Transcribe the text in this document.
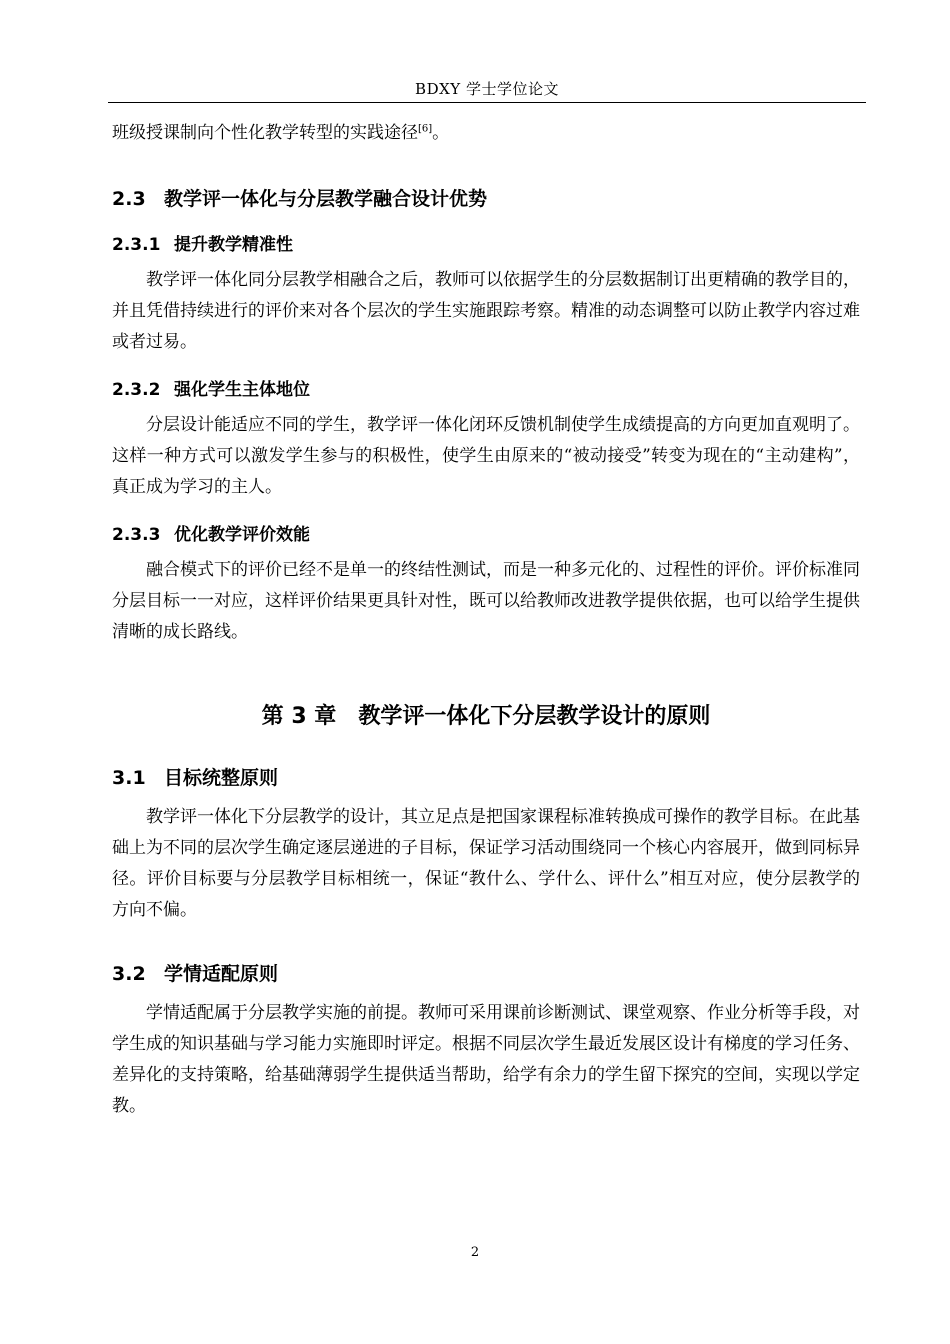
BDXY 学士学位论文

班级授课制向个性化教学转型的实践途径[6]。

2.3 教学评一体化与分层教学融合设计优势
2.3.1 提升教学精准性

教学评一体化同分层教学相融合之后，教师可以依据学生的分层数据制订出更精确的教学目的，并且凭借持续进行的评价来对各个层次的学生实施跟踪考察。精准的动态调整可以防止教学内容过难或者过易。

2.3.2 强化学生主体地位

分层设计能适应不同的学生，教学评一体化闭环反馈机制使学生成绩提高的方向更加直观明了。这样一种方式可以激发学生参与的积极性，使学生由原来的“被动接受”转变为现在的“主动建构”，真正成为学习的主人。

2.3.3 优化教学评价效能

融合模式下的评价已经不是单一的终结性测试，而是一种多元化的、过程性的评价。评价标准同分层目标一一对应，这样评价结果更具针对性，既可以给教师改进教学提供依据，也可以给学生提供清晰的成长路线。

第 3 章 教学评一体化下分层教学设计的原则
3.1 目标统整原则

教学评一体化下分层教学的设计，其立足点是把国家课程标准转换成可操作的教学目标。在此基础上为不同的层次学生确定逐层递进的子目标，保证学习活动围绕同一个核心内容展开，做到同标异径。评价目标要与分层教学目标相统一，保证“教什么、学什么、评什么”相互对应，使分层教学的方向不偏。

3.2 学情适配原则

学情适配属于分层教学实施的前提。教师可采用课前诊断测试、课堂观察、作业分析等手段，对学生成的知识基础与学习能力实施即时评定。根据不同层次学生最近发展区设计有梯度的学习任务、差异化的支持策略，给基础薄弱学生提供适当帮助，给学有余力的学生留下探究的空间，实现以学定教。

2
